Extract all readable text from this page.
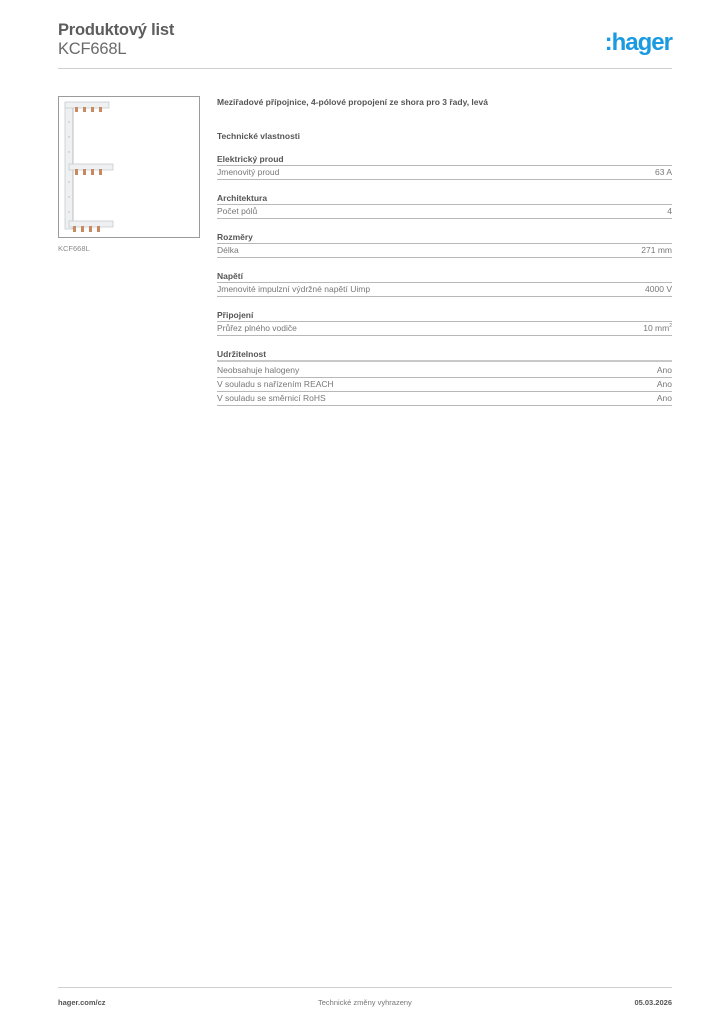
Produktový list
KCF668L	:hager
KCF668L
Meziřadové přípojnice, 4-pólové propojení ze shora pro 3 řady, levá
Technické vlastnosti
Elektrický proud
Jmenovitý proud	63 A
Architektura
Počet pólů	4
Rozměry
Délka	271 mm
Napětí
Jmenovité impulzní výdržné napětí Uimp	4000 V
Připojení
Průřez plného vodiče	10 $mm^2$
Udržitelnost
Neobsahuje halogeny	Ano
V souladu s nařízením REACH	Ano
V souladu se směrnicí RoHS	Ano
hager.com/cz	Technické změny vyhrazeny	05.03.2026
